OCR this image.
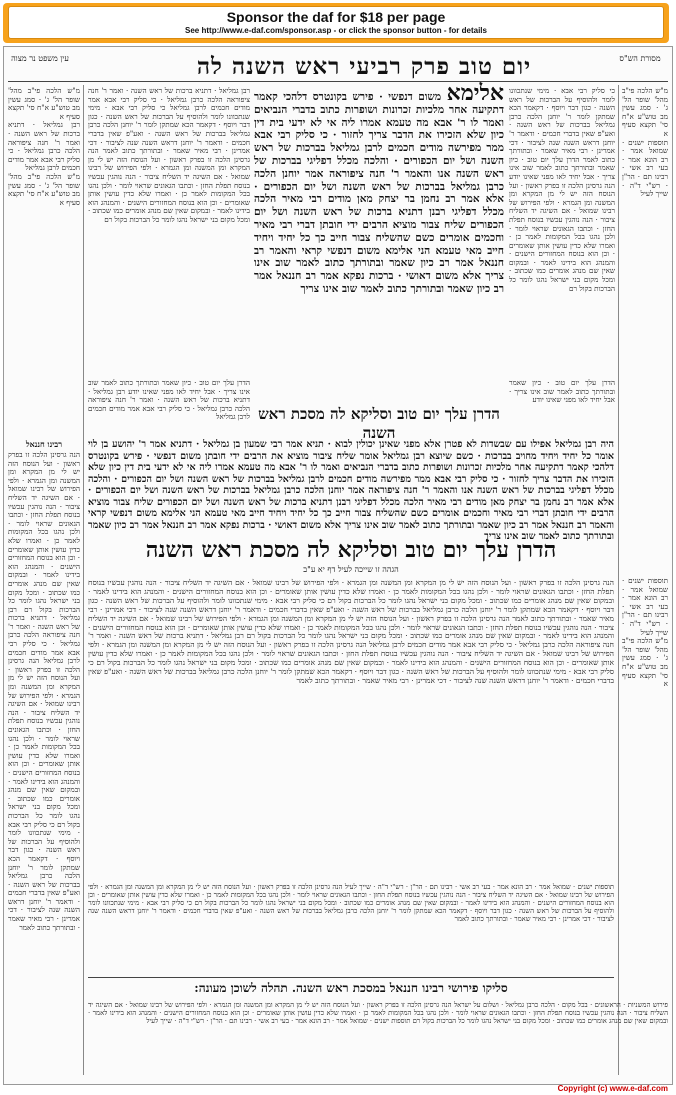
Sponsor the daf for $18 per page
See http://www.e-daf.com/sponsor.asp - or click the sponsor button - for details
מסורת הש"ס
יום טוב פרק רביעי ראש השנה לה
עין משפט נר מצוה
מ"ש הלכה פי"ב מהל' שופר הל' ג' · סמג עשין מב טוש"ע א"ח סי' תקצא סעיף א
רבן גמליאל · דתניא ברכות של ראש השנה · ואמר ר' חנה ציפוראה הלכה כרבן גמליאל · כי סליק רבי אבא אמר מודים חכמים לרבן גמליאל
מ"ש הלכה פי"ב מהל' שופר הל' ג' · סמג עשין מב טוש"ע א"ח סי' תקצא סעיף א
רבן גמליאל · דתניא ברכות של ראש השנה · ואמר ר' חנה ציפוראה הלכה כרבן גמליאל · כי סליק רבי אבא אמר מודים חכמים לרבן גמליאל כי סליק רבי אבא · מימי שנתכוונו לומר ולהוסיף על הברכות של ראש השנה · כגון דבר ויוסף · דקאמר הכא שמתקן לומר ר' יוחנן הלכה כרבן גמליאל בברכות של ראש השנה · ואע"פ שאין בדברי חכמים · ודאמר ר' יוחנן דראש השנה שנה לציבור · דכי אמרינן · רבי מאיר שאמר · ובתורתך כתוב לאמר הנה גרסינן הלכה זו בפרק ראשון · ועל הנוסח הזה יש לי מן המקרא ומן המשנה ומן הגמרא · ולפי הפירוש של רבינו שמואל · אם השיגה יד השליח ציבור · הנה נוהגין עכשיו בנוסח תפלת החזן · וכתבו הגאונים שראוי לומר · ולכן נהגו בכל המקומות לאמר כן · ואמרו שלא כדין עושין אותן שאומרים · וכן הוא בנוסח המחזורים הישנים · והמנהג הוא בידינו לאמר · ובמקום שאין שם מנהג אומרים כמו שכתוב · ומכל מקום בני ישראל נהגו לומר כל הברכות בקול רם
אלימא משום דנפשי · פירש בקונטרס דלהכי קאמר דתקיעה אחר מלכיות זכרונות ושופרות כתוב בדברי הנביאים ואמר לו ר' אבא מה טעמא אמרו ליה אי לא ידעי בית דין כיון שלא הזכירו את הדבר צריך לחזור · כי סליק רבי אבא ממר מפירשה מודים חכמים לרבן גמליאל בברכות של ראש השנה ושל יום הכפורים · והלכה מכלל דפליגי בברכות של ראש השנה אנו והאמר ר' חנה ציפוראה אמר יוחנן הלכה כרבן גמליאל בברכות של ראש השנה ושל יום הכפורים · אלא אמר רב נחמן בר יצחק מאן מודים רבי מאיר הלכה מכלל דפליגי רבנן דתניא ברכות של ראש השנה ושל יום הכפורים שליח צבור מוציא הרבים ידי חובתן דברי רבי מאיר וחכמים אומרים כשם שהשליח צבור חייב כך כל יחיד ויחיד חייב מאי טעמא הני אלימא משום דנפשי קראי והאמר רב חננאל אמר רב כיון שאמר ובתורתך כתוב לאמר שוב אינו צריך אלא משום דאושי · ברכות נפקא אמר רב חננאל אמר רב כיון שאמר ובתורתך כתוב לאמר שוב אינו צריך
כי סליק רבי אבא · מימי שנתכוונו לומר ולהוסיף על הברכות של ראש השנה · כגון דבר ויוסף · דקאמר הכא שמתקן לומר ר' יוחנן הלכה כרבן גמליאל בברכות של ראש השנה · ואע"פ שאין בדברי חכמים · ודאמר ר' יוחנן דראש השנה שנה לציבור · דכי אמרינן · רבי מאיר שאמר · ובתורתך כתוב לאמר הדרן עלך יום טוב · כיון שאמר ובתורתך כתוב לאמר שוב אינו צריך · אבל יחיד לאו מפני שאינו יודע הנה גרסינן הלכה זו בפרק ראשון · ועל הנוסח הזה יש לי מן המקרא ומן המשנה ומן הגמרא · ולפי הפירוש של רבינו שמואל · אם השיגה יד השליח ציבור · הנה נוהגין עכשיו בנוסח תפלת החזן · וכתבו הגאונים שראוי לומר · ולכן נהגו בכל המקומות לאמר כן · ואמרו שלא כדין עושין אותן שאומרים · וכן הוא בנוסח המחזורים הישנים · והמנהג הוא בידינו לאמר · ובמקום שאין שם מנהג אומרים כמו שכתוב · ומכל מקום בני ישראל נהגו לומר כל הברכות בקול רם
מ"ש הלכה פי"ב מהל' שופר הל' ג' · סמג עשין מב טוש"ע א"ח סי' תקצא סעיף א
תוספות ישנים · שמואל אמר · רב הונא אמר · בעי רב אשי · רבינו תם · הר"ן · רש"י ד"ה · שייך לעיל
הדרן עלך יום טוב וסליקא לה מסכת ראש השנה
הדרן עלך יום טוב · כיון שאמר ובתורתך כתוב לאמר שוב אינו צריך · אבל יחיד לאו מפני שאינו יודע רבן גמליאל · דתניא ברכות של ראש השנה · ואמר ר' חנה ציפוראה הלכה כרבן גמליאל · כי סליק רבי אבא אמר מודים חכמים לרבן גמליאל
הדרן עלך יום טוב · כיון שאמר ובתורתך כתוב לאמר שוב אינו צריך · אבל יחיד לאו מפני שאינו יודע
היה רבן גמליאל אפילו עם שבשדות לא פטרן אלא מפני שאינן יכולין לבוא · תניא אמר רבי שמעון בן גמליאל · דתניא אמר ר' יהושע בן לוי אומר כל יחיד ויחיד מחויב בברכות · כשם שיוצא רבן גמליאל אומר שליח ציבור מוציא את הרבים ידי חובתן משום דנפשי · פירש בקונטרס דלהכי קאמר דתקיעה אחר מלכיות זכרונות ושופרות כתוב בדברי הנביאים ואמר לו ר' אבא מה טעמא אמרו ליה אי לא ידעי בית דין כיון שלא הזכירו את הדבר צריך לחזור · כי סליק רבי אבא ממר מפירשה מודים חכמים לרבן גמליאל בברכות של ראש השנה ושל יום הכפורים · והלכה מכלל דפליגי בברכות של ראש השנה אנו והאמר ר' חנה ציפוראה אמר יוחנן הלכה כרבן גמליאל בברכות של ראש השנה ושל יום הכפורים · אלא אמר רב נחמן בר יצחק מאן מודים רבי מאיר הלכה מכלל דפליגי רבנן דתניא ברכות של ראש השנה ושל יום הכפורים שליח צבור מוציא הרבים ידי חובתן דברי רבי מאיר וחכמים אומרים כשם שהשליח צבור חייב כך כל יחיד ויחיד חייב מאי טעמא הני אלימא משום דנפשי קראי והאמר רב חננאל אמר רב כיון שאמר ובתורתך כתוב לאמר שוב אינו צריך אלא משום דאושי · ברכות נפקא אמר רב חננאל אמר רב כיון שאמר ובתורתך כתוב לאמר שוב אינו צריך
רבינו חננאל
הנה גרסינן הלכה זו בפרק ראשון · ועל הנוסח הזה יש לי מן המקרא ומן המשנה ומן הגמרא · ולפי הפירוש של רבינו שמואל · אם השיגה יד השליח ציבור · הנה נוהגין עכשיו בנוסח תפלת החזן · וכתבו הגאונים שראוי לומר · ולכן נהגו בכל המקומות לאמר כן · ואמרו שלא כדין עושין אותן שאומרים · וכן הוא בנוסח המחזורים הישנים · והמנהג הוא בידינו לאמר · ובמקום שאין שם מנהג אומרים כמו שכתוב · ומכל מקום בני ישראל נהגו לומר כל הברכות בקול רם רבן גמליאל · דתניא ברכות של ראש השנה · ואמר ר' חנה ציפוראה הלכה כרבן גמליאל · כי סליק רבי אבא אמר מודים חכמים לרבן גמליאל הנה גרסינן הלכה זו בפרק ראשון · ועל הנוסח הזה יש לי מן המקרא ומן המשנה ומן הגמרא · ולפי הפירוש של רבינו שמואל · אם השיגה יד השליח ציבור · הנה נוהגין עכשיו בנוסח תפלת החזן · וכתבו הגאונים שראוי לומר · ולכן נהגו בכל המקומות לאמר כן · ואמרו שלא כדין עושין אותן שאומרים · וכן הוא בנוסח המחזורים הישנים · והמנהג הוא בידינו לאמר · ובמקום שאין שם מנהג אומרים כמו שכתוב · ומכל מקום בני ישראל נהגו לומר כל הברכות בקול רם כי סליק רבי אבא · מימי שנתכוונו לומר ולהוסיף על הברכות של ראש השנה · כגון דבר ויוסף · דקאמר הכא שמתקן לומר ר' יוחנן הלכה כרבן גמליאל בברכות של ראש השנה · ואע"פ שאין בדברי חכמים · ודאמר ר' יוחנן דראש השנה שנה לציבור · דכי אמרינן · רבי מאיר שאמר · ובתורתך כתוב לאמר
הדרן עלך יום טוב וסליקא לה מסכת ראש השנה
הגהה זו שייכה לעיל דף יא ע"ב
הנה גרסינן הלכה זו בפרק ראשון · ועל הנוסח הזה יש לי מן המקרא ומן המשנה ומן הגמרא · ולפי הפירוש של רבינו שמואל · אם השיגה יד השליח ציבור · הנה נוהגין עכשיו בנוסח תפלת החזן · וכתבו הגאונים שראוי לומר · ולכן נהגו בכל המקומות לאמר כן · ואמרו שלא כדין עושין אותן שאומרים · וכן הוא בנוסח המחזורים הישנים · והמנהג הוא בידינו לאמר · ובמקום שאין שם מנהג אומרים כמו שכתוב · ומכל מקום בני ישראל נהגו לומר כל הברכות בקול רם כי סליק רבי אבא · מימי שנתכוונו לומר ולהוסיף על הברכות של ראש השנה · כגון דבר ויוסף · דקאמר הכא שמתקן לומר ר' יוחנן הלכה כרבן גמליאל בברכות של ראש השנה · ואע"פ שאין בדברי חכמים · ודאמר ר' יוחנן דראש השנה שנה לציבור · דכי אמרינן · רבי מאיר שאמר · ובתורתך כתוב לאמר הנה גרסינן הלכה זו בפרק ראשון · ועל הנוסח הזה יש לי מן המקרא ומן המשנה ומן הגמרא · ולפי הפירוש של רבינו שמואל · אם השיגה יד השליח ציבור · הנה נוהגין עכשיו בנוסח תפלת החזן · וכתבו הגאונים שראוי לומר · ולכן נהגו בכל המקומות לאמר כן · ואמרו שלא כדין עושין אותן שאומרים · וכן הוא בנוסח המחזורים הישנים · והמנהג הוא בידינו לאמר · ובמקום שאין שם מנהג אומרים כמו שכתוב · ומכל מקום בני ישראל נהגו לומר כל הברכות בקול רם רבן גמליאל · דתניא ברכות של ראש השנה · ואמר ר' חנה ציפוראה הלכה כרבן גמליאל · כי סליק רבי אבא אמר מודים חכמים לרבן גמליאל הנה גרסינן הלכה זו בפרק ראשון · ועל הנוסח הזה יש לי מן המקרא ומן המשנה ומן הגמרא · ולפי הפירוש של רבינו שמואל · אם השיגה יד השליח ציבור · הנה נוהגין עכשיו בנוסח תפלת החזן · וכתבו הגאונים שראוי לומר · ולכן נהגו בכל המקומות לאמר כן · ואמרו שלא כדין עושין אותן שאומרים · וכן הוא בנוסח המחזורים הישנים · והמנהג הוא בידינו לאמר · ובמקום שאין שם מנהג אומרים כמו שכתוב · ומכל מקום בני ישראל נהגו לומר כל הברכות בקול רם כי סליק רבי אבא · מימי שנתכוונו לומר ולהוסיף על הברכות של ראש השנה · כגון דבר ויוסף · דקאמר הכא שמתקן לומר ר' יוחנן הלכה כרבן גמליאל בברכות של ראש השנה · ואע"פ שאין בדברי חכמים · ודאמר ר' יוחנן דראש השנה שנה לציבור · דכי אמרינן · רבי מאיר שאמר · ובתורתך כתוב לאמר
תוספות ישנים · שמואל אמר · רב הונא אמר · בעי רב אשי · רבינו תם · הר"ן · רש"י ד"ה · שייך לעיל
מ"ש הלכה פי"ב מהל' שופר הל' ג' · סמג עשין מב טוש"ע א"ח סי' תקצא סעיף א
תוספות ישנים · שמואל אמר · רב הונא אמר · בעי רב אשי · רבינו תם · הר"ן · רש"י ד"ה · שייך לעיל הנה גרסינן הלכה זו בפרק ראשון · ועל הנוסח הזה יש לי מן המקרא ומן המשנה ומן הגמרא · ולפי הפירוש של רבינו שמואל · אם השיגה יד השליח ציבור · הנה נוהגין עכשיו בנוסח תפלת החזן · וכתבו הגאונים שראוי לומר · ולכן נהגו בכל המקומות לאמר כן · ואמרו שלא כדין עושין אותן שאומרים · וכן הוא בנוסח המחזורים הישנים · והמנהג הוא בידינו לאמר · ובמקום שאין שם מנהג אומרים כמו שכתוב · ומכל מקום בני ישראל נהגו לומר כל הברכות בקול רם כי סליק רבי אבא · מימי שנתכוונו לומר ולהוסיף על הברכות של ראש השנה · כגון דבר ויוסף · דקאמר הכא שמתקן לומר ר' יוחנן הלכה כרבן גמליאל בברכות של ראש השנה · ואע"פ שאין בדברי חכמים · ודאמר ר' יוחנן דראש השנה שנה לציבור · דכי אמרינן · רבי מאיר שאמר · ובתורתך כתוב לאמר
סליקו פירושי רבינו חננאל במסכת ראש השנה. תהלה לשוכן מעונה:
פירוש המשניות · הראשונים · בכל מקום · הלכה כרבן גמליאל · ושלום על ישראל הנה גרסינן הלכה זו בפרק ראשון · ועל הנוסח הזה יש לי מן המקרא ומן המשנה ומן הגמרא · ולפי הפירוש של רבינו שמואל · אם השיגה יד השליח ציבור · הנה נוהגין עכשיו בנוסח תפלת החזן · וכתבו הגאונים שראוי לומר · ולכן נהגו בכל המקומות לאמר כן · ואמרו שלא כדין עושין אותן שאומרים · וכן הוא בנוסח המחזורים הישנים · והמנהג הוא בידינו לאמר · ובמקום שאין שם מנהג אומרים כמו שכתוב · ומכל מקום בני ישראל נהגו לומר כל הברכות בקול רם תוספות ישנים · שמואל אמר · רב הונא אמר · בעי רב אשי · רבינו תם · הר"ן · רש"י ד"ה · שייך לעיל
Copyright (c) www.e-daf.com
